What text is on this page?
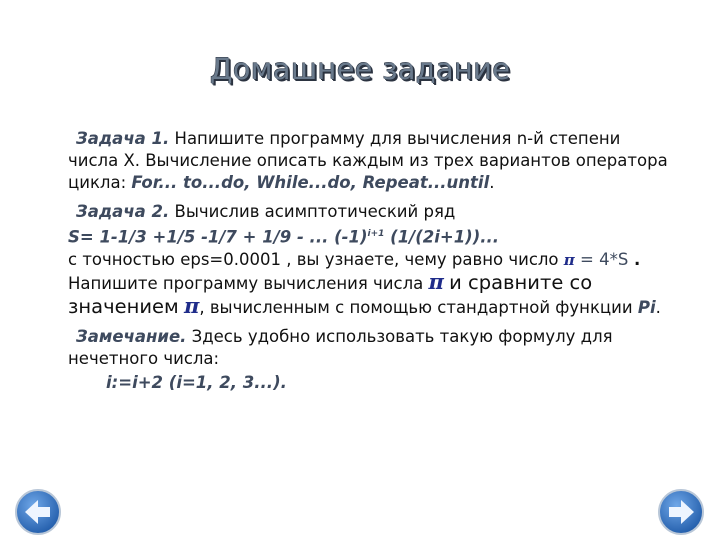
Домашнее задание

Задача 1. Напишите программу для вычисления n-й степени числа X. Вычисление описать каждым из трех вариантов оператора цикла: For... to...do, While...do, Repeat...until.

Задача 2. Вычислив асимптотический ряд
S= 1-1/3 +1/5 -1/7 + 1/9 - ... $(-1)^{i+1}$ (1/(2i+1))...
с точностью eps=0.0001 , вы узнаете, чему равно число π = 4*S .
Напишите программу вычисления числа π и сравните со значением π, вычисленным с помощью стандартной функции Pi.

Замечание. Здесь удобно использовать такую формулу для нечетного числа:
i:=i+2 (i=1, 2, 3...).
